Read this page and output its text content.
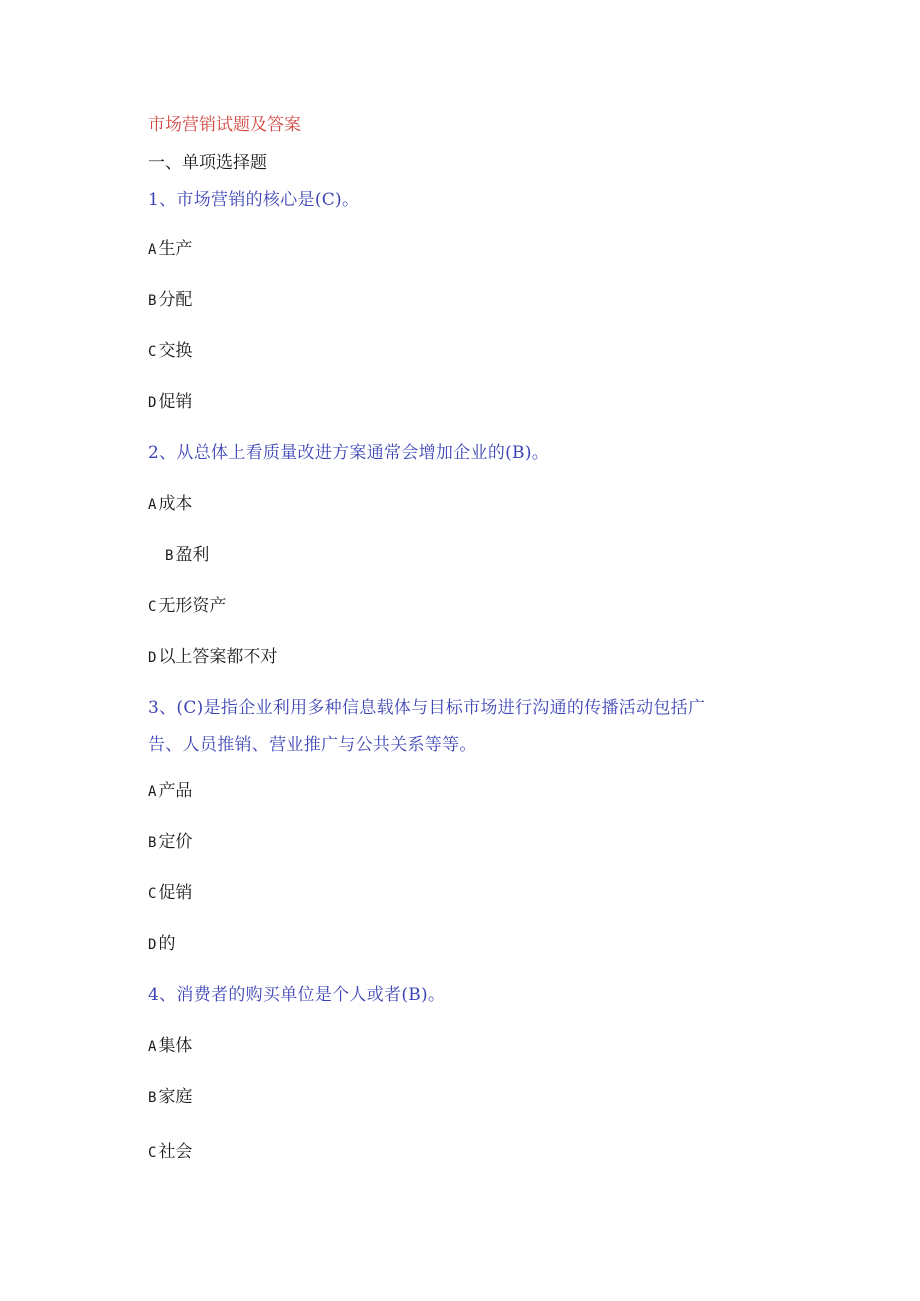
市场营销试题及答案
一、单项选择题
1、市场营销的核心是(C)。
A 生产
B 分配
C 交换
D 促销
2、从总体上看质量改进方案通常会增加企业的(B)。
A 成本
B 盈利
C 无形资产
D 以上答案都不对
3、(C)是指企业利用多种信息载体与目标市场进行沟通的传播活动包括广
告、人员推销、营业推广与公共关系等等。
A 产品
B 定价
C 促销
D 的
4、消费者的购买单位是个人或者(B)。
A 集体
B 家庭
C 社会
